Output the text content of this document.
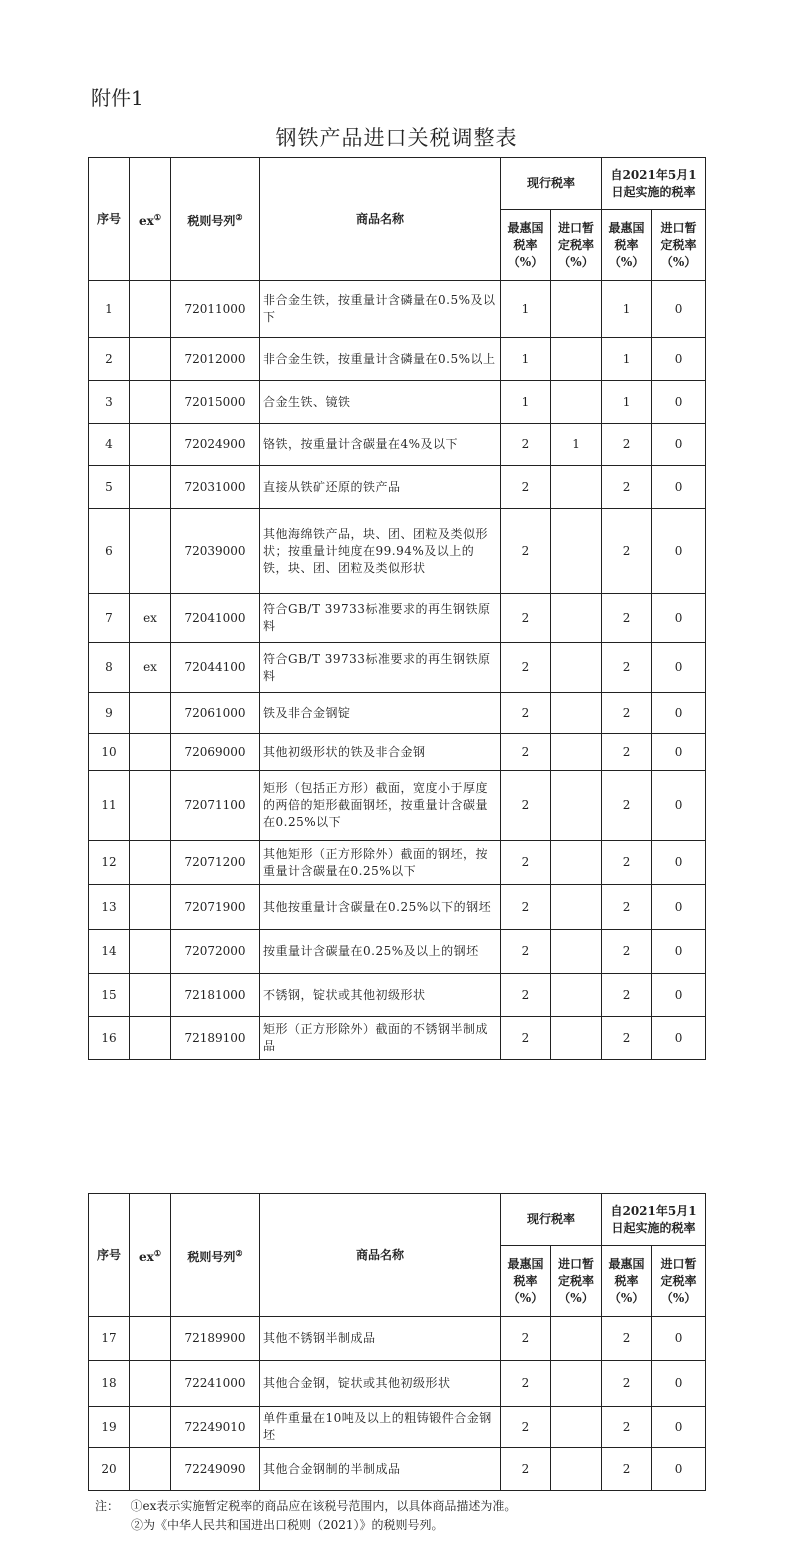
附件1
钢铁产品进口关税调整表
序号	ex①	税则号列②	商品名称	现行税率		自2021年5月1日起实施的税率	
				最惠国税率（%）	进口暂定税率（%）	最惠国税率（%）	进口暂定税率（%）
1		72011000	非合金生铁，按重量计含磷量在0.5%及以下	1		1	0
2		72012000	非合金生铁，按重量计含磷量在0.5%以上	1		1	0
3		72015000	合金生铁、镜铁	1		1	0
4		72024900	铬铁，按重量计含碳量在4%及以下	2	1	2	0
5		72031000	直接从铁矿还原的铁产品	2		2	0
6		72039000	其他海绵铁产品，块、团、团粒及类似形状；按重量计纯度在99.94%及以上的铁，块、团、团粒及类似形状	2		2	0
7	ex	72041000	符合GB/T 39733标准要求的再生钢铁原料	2		2	0
8	ex	72044100	符合GB/T 39733标准要求的再生钢铁原料	2		2	0
9		72061000	铁及非合金钢锭	2		2	0
10		72069000	其他初级形状的铁及非合金钢	2		2	0
11		72071100	矩形（包括正方形）截面，宽度小于厚度的两倍的矩形截面钢坯，按重量计含碳量在0.25%以下	2		2	0
12		72071200	其他矩形（正方形除外）截面的钢坯，按重量计含碳量在0.25%以下	2		2	0
13		72071900	其他按重量计含碳量在0.25%以下的钢坯	2		2	0
14		72072000	按重量计含碳量在0.25%及以上的钢坯	2		2	0
15		72181000	不锈钢，锭状或其他初级形状	2		2	0
16		72189100	矩形（正方形除外）截面的不锈钢半制成品	2		2	0
序号	ex①	税则号列②	商品名称	现行税率		自2021年5月1日起实施的税率	
				最惠国税率（%）	进口暂定税率（%）	最惠国税率（%）	进口暂定税率（%）
17		72189900	其他不锈钢半制成品	2		2	0
18		72241000	其他合金钢，锭状或其他初级形状	2		2	0
19		72249010	单件重量在10吨及以上的粗铸锻件合金钢坯	2		2	0
20		72249090	其他合金钢制的半制成品	2		2	0
注： ①ex表示实施暂定税率的商品应在该税号范围内，以具体商品描述为准。
②为《中华人民共和国进出口税则（2021）》的税则号列。
